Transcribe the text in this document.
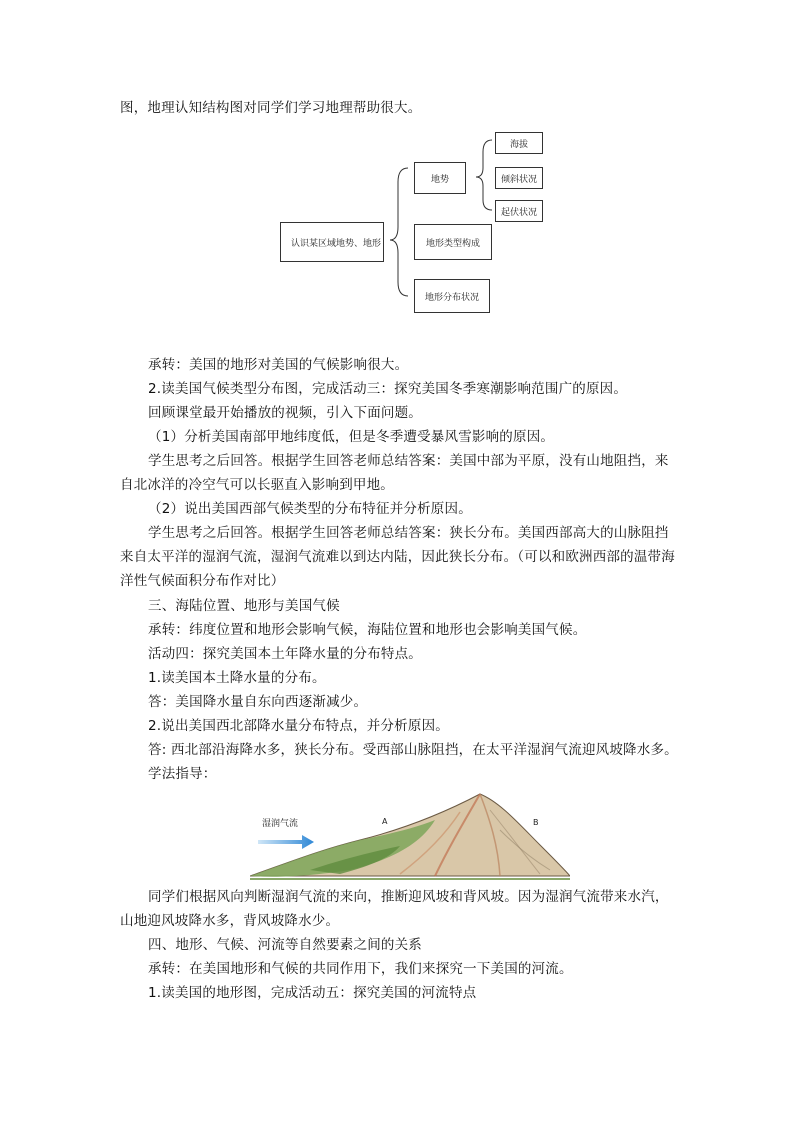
图，地理认知结构图对同学们学习地理帮助很大。
认识某区域地势、地形
地势
地形类型构成
地形分布状况
海拔
倾斜状况
起伏状况
承转：美国的地形对美国的气候影响很大。
2.读美国气候类型分布图，完成活动三：探究美国冬季寒潮影响范围广的原因。
回顾课堂最开始播放的视频，引入下面问题。
（1）分析美国南部甲地纬度低，但是冬季遭受暴风雪影响的原因。
学生思考之后回答。根据学生回答老师总结答案：美国中部为平原，没有山地阻挡，来自北冰洋的冷空气可以长驱直入影响到甲地。
（2）说出美国西部气候类型的分布特征并分析原因。
学生思考之后回答。根据学生回答老师总结答案：狭长分布。美国西部高大的山脉阻挡来自太平洋的湿润气流，湿润气流难以到达内陆，因此狭长分布。（可以和欧洲西部的温带海洋性气候面积分布作对比）
三、海陆位置、地形与美国气候
承转：纬度位置和地形会影响气候，海陆位置和地形也会影响美国气候。
活动四：探究美国本土年降水量的分布特点。
1.读美国本土降水量的分布。
答：美国降水量自东向西逐渐减少。
2.说出美国西北部降水量分布特点，并分析原因。
答: 西北部沿海降水多，狭长分布。受西部山脉阻挡，在太平洋湿润气流迎风坡降水多。
学法指导：
湿润气流	A	B
同学们根据风向判断湿润气流的来向，推断迎风坡和背风坡。因为湿润气流带来水汽，山地迎风坡降水多，背风坡降水少。
四、地形、气候、河流等自然要素之间的关系
承转：在美国地形和气候的共同作用下，我们来探究一下美国的河流。
1.读美国的地形图，完成活动五：探究美国的河流特点
